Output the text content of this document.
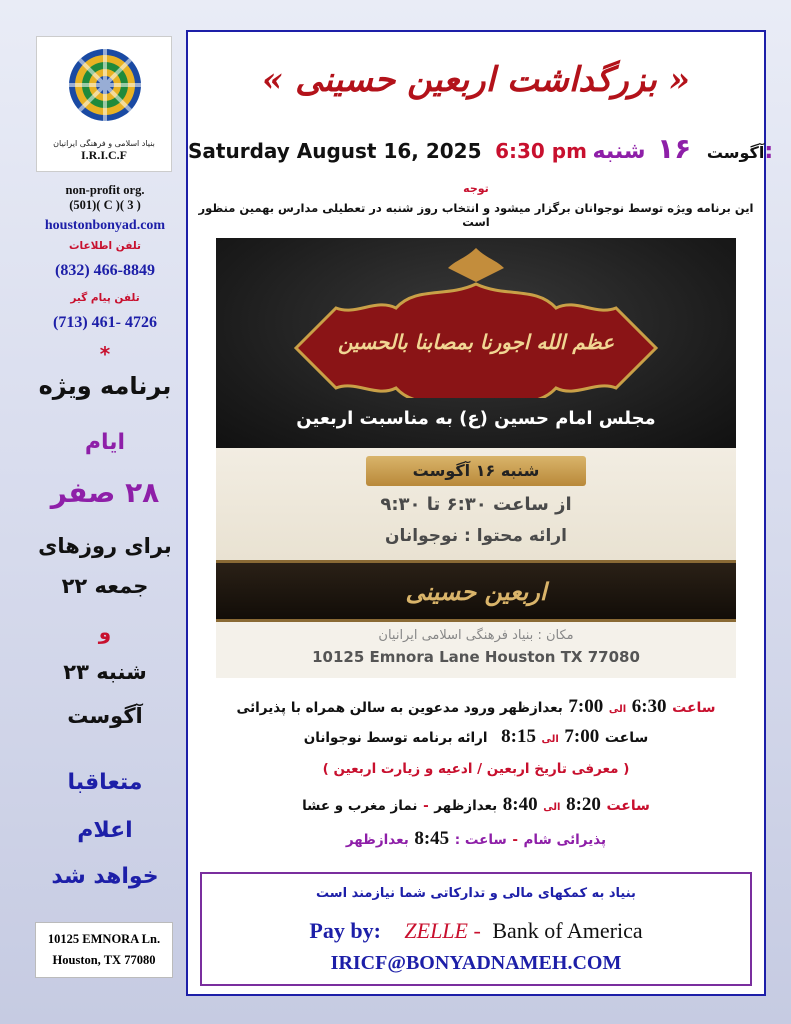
بنیاد اسلامی و فرهنگی ایرانیان
I.R.I.C.F
non-profit org.
(501)( C )( 3 )
houstonbonyad.com
تلفن اطلاعات
(832) 466-8849
تلفن پیام گیر
(713) 461- 4726
*
برنامه ویژه
ایام
۲۸ صفر
برای روزهای
جمعه ۲۲
و
شنبه ۲۳
آگوست
متعاقبا
اعلام
خواهد شد
10125 EMNORA Ln.
Houston, TX 77080
« بزرگداشت اربعین حسینی »
Saturday August 16, 2025 6:30 pm	آگوست ۱۶ شنبه:
توجه
این برنامه ویژه توسط نوجوانان برگزار میشود و انتخاب روز شنبه در تعطیلی مدارس بهمین منظور است
عظم الله اجورنا بمصابنا بالحسین
مجلس امام حسین (ع) به مناسبت اربعین
شنبه ۱۶ آگوست
از ساعت ۶:۳۰ تا ۹:۳۰
ارائه محتوا : نوجوانان
اربعین حسینی
مکان : بنیاد فرهنگی اسلامی ایرانیان
10125 Emnora Lane Houston TX 77080
ساعت 6:30 الی 7:00 بعدازظهر ورود مدعوین به سالن همراه با پذیرائی
ساعت 7:00 الی 8:15 ارائه برنامه توسط نوجوانان
( معرفی تاریخ اربعین / ادعیه و زیارت اربعین )
ساعت 8:20 الی 8:40 بعدازظهر - نماز مغرب و عشا
پذیرائی شام - ساعت : 8:45 بعدازظهر
بنیاد به کمکهای مالی و تدارکاتی شما نیازمند است
Pay by: ZELLE - Bank of America
IRICF@BONYADNAMEH.COM
